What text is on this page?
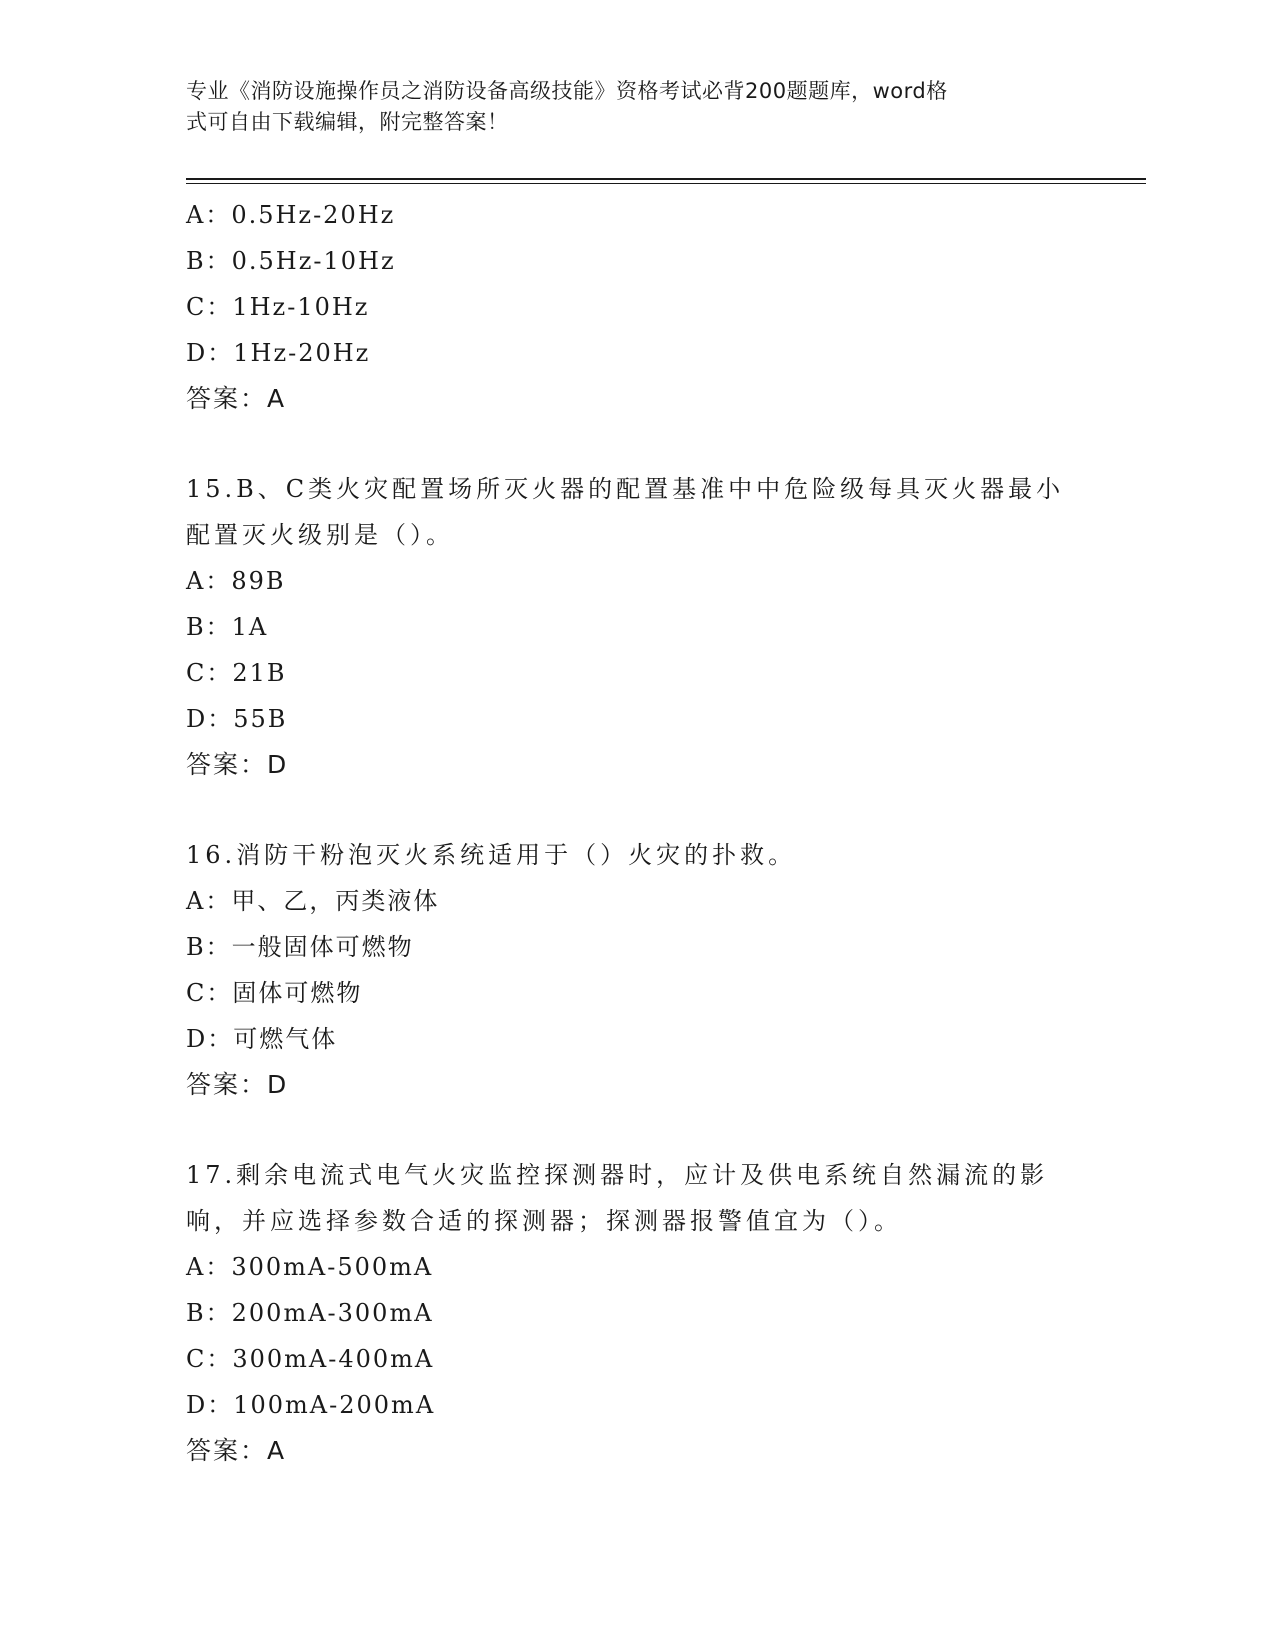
专业《消防设施操作员之消防设备高级技能》资格考试必背200题题库，word格
式可自由下载编辑，附完整答案！
A：0.5Hz-20Hz
B：0.5Hz-10Hz
C：1Hz-10Hz
D：1Hz-20Hz
答案：A
15.B、C类火灾配置场所灭火器的配置基准中中危险级每具灭火器最小
配置灭火级别是（）。
A：89B
B：1A
C：21B
D：55B
答案：D
16.消防干粉泡灭火系统适用于（）火灾的扑救。
A：甲、乙，丙类液体
B：一般固体可燃物
C：固体可燃物
D：可燃气体
答案：D
17.剩余电流式电气火灾监控探测器时，应计及供电系统自然漏流的影
响，并应选择参数合适的探测器；探测器报警值宜为（）。
A：300mA-500mA
B：200mA-300mA
C：300mA-400mA
D：100mA-200mA
答案：A
